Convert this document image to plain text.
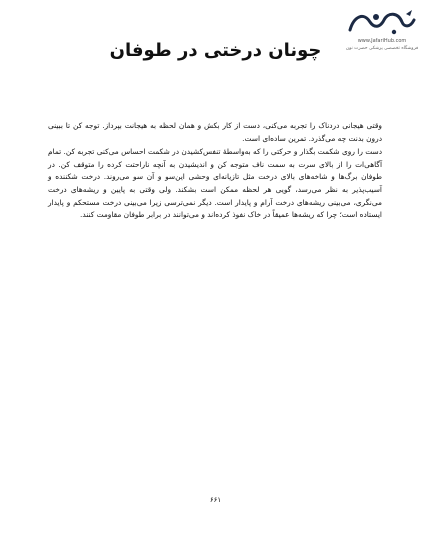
www.JafariHub.com
فروشگاه تخصصی پزشکی حضرت نون
چونان درختی در طوفان

وقتی هیجانی دردناک را تجربه می‌کنی، دست از کار بکش و همان لحظه به هیجانت بپرداز. توجه کن تا ببینی درون بدنت چه می‌گذرد. تمرین ساده‌ای است.

دست را روی شکمت بگذار و حرکتی را که به‌واسطهٔ تنفس‌کشیدن در شکمت احساس می‌کنی تجربه کن. تمام آگاهی‌ات را از بالای سرت به سمت ناف متوجه کن و اندیشیدن به آنچه ناراحتت کرده را متوقف کن. در طوفان برگ‌ها و شاخه‌های بالای درخت مثل تازیانه‌ای وحشی این‌سو و آن سو می‌روند. درخت شکننده و آسیب‌پذیر به نظر می‌رسد، گویی هر لحظه ممکن است بشکند. ولی وقتی به پایین و ریشه‌های درخت می‌نگری، می‌بینی ریشه‌های درخت آرام و پایدار است. دیگر نمی‌ترسی زیرا می‌بینی درخت مستحکم و پایدار ایستاده است؛ چرا که ریشه‌ها عمیقاً در خاک نفوذ کرده‌اند و می‌توانند در برابر طوفان مقاومت کنند.

۶۶۱
